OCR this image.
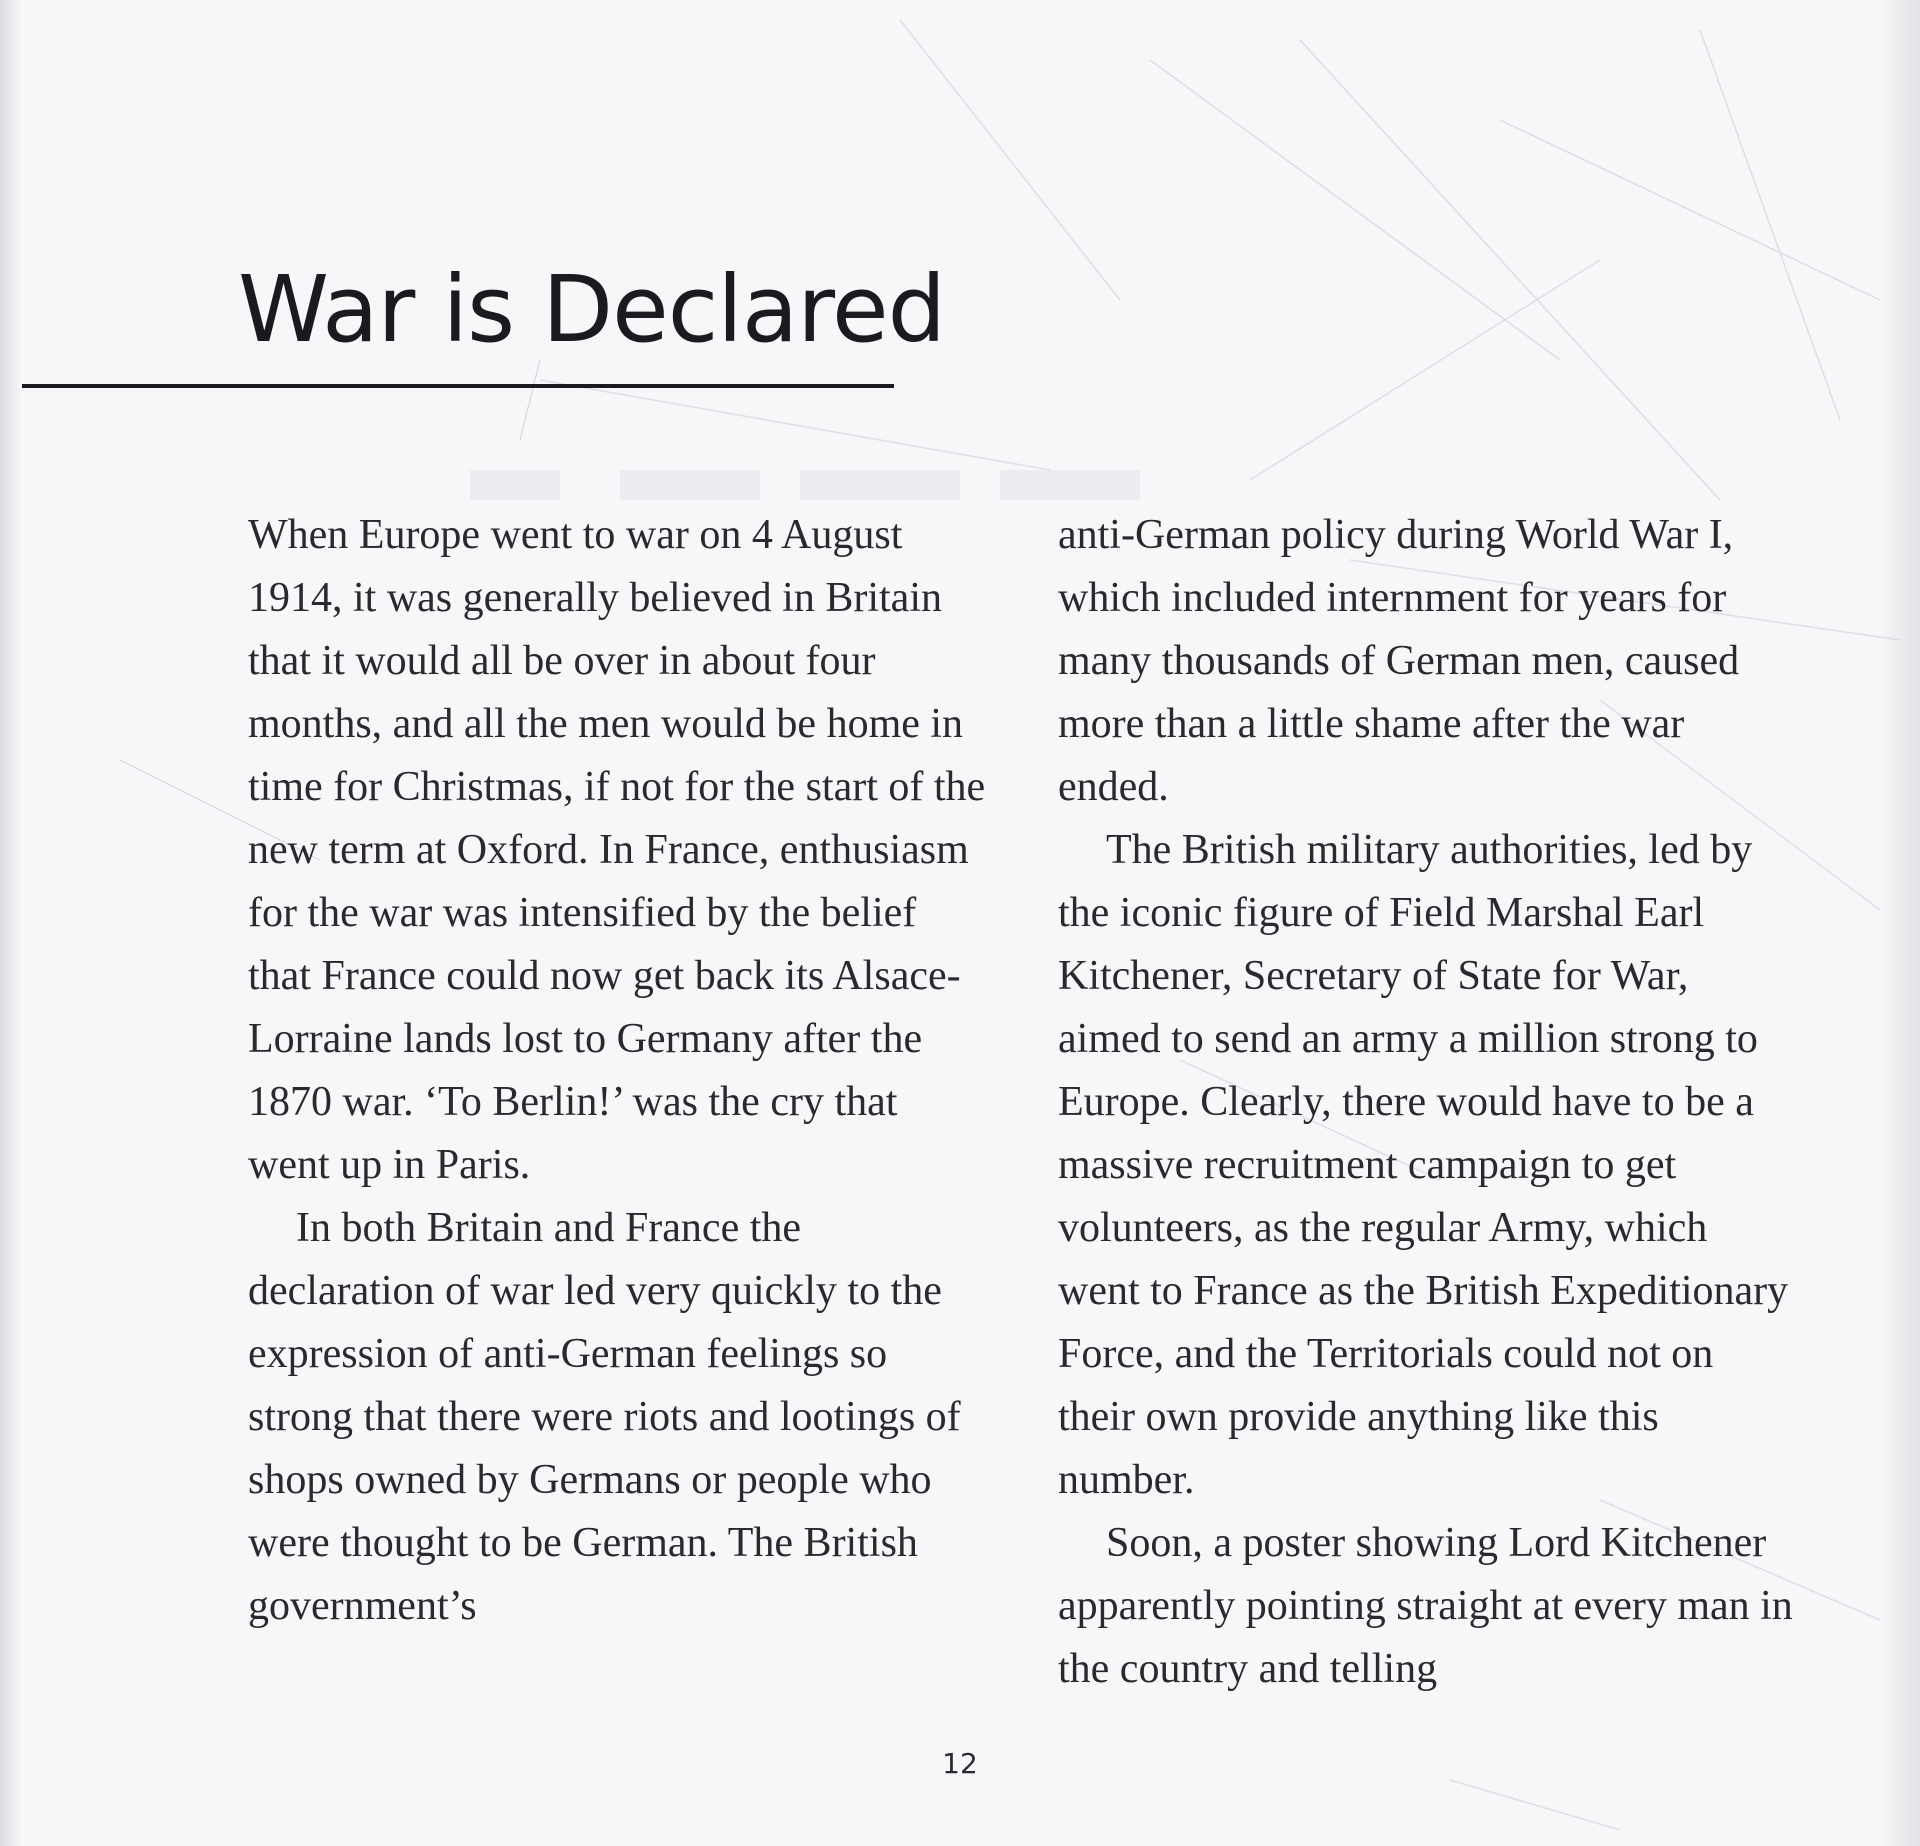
War is Declared

When Europe went to war on 4 August 1914, it was generally believed in Britain that it would all be over in about four months, and all the men would be home in time for Christmas, if not for the start of the new term at Oxford. In France, enthusiasm for the war was intensified by the belief that France could now get back its Alsace-Lorraine lands lost to Germany after the 1870 war. ‘To Berlin!’ was the cry that went up in Paris.

In both Britain and France the declaration of war led very quickly to the expression of anti-German feelings so strong that there were riots and lootings of shops owned by Germans or people who were thought to be German. The British government’s

anti-German policy during World War I, which included internment for years for many thousands of German men, caused more than a little shame after the war ended.

The British military authorities, led by the iconic figure of Field Marshal Earl Kitchener, Secretary of State for War, aimed to send an army a million strong to Europe. Clearly, there would have to be a massive recruitment campaign to get volunteers, as the regular Army, which went to France as the British Expeditionary Force, and the Territorials could not on their own provide anything like this number.

Soon, a poster showing Lord Kitchener apparently pointing straight at every man in the country and telling

12
